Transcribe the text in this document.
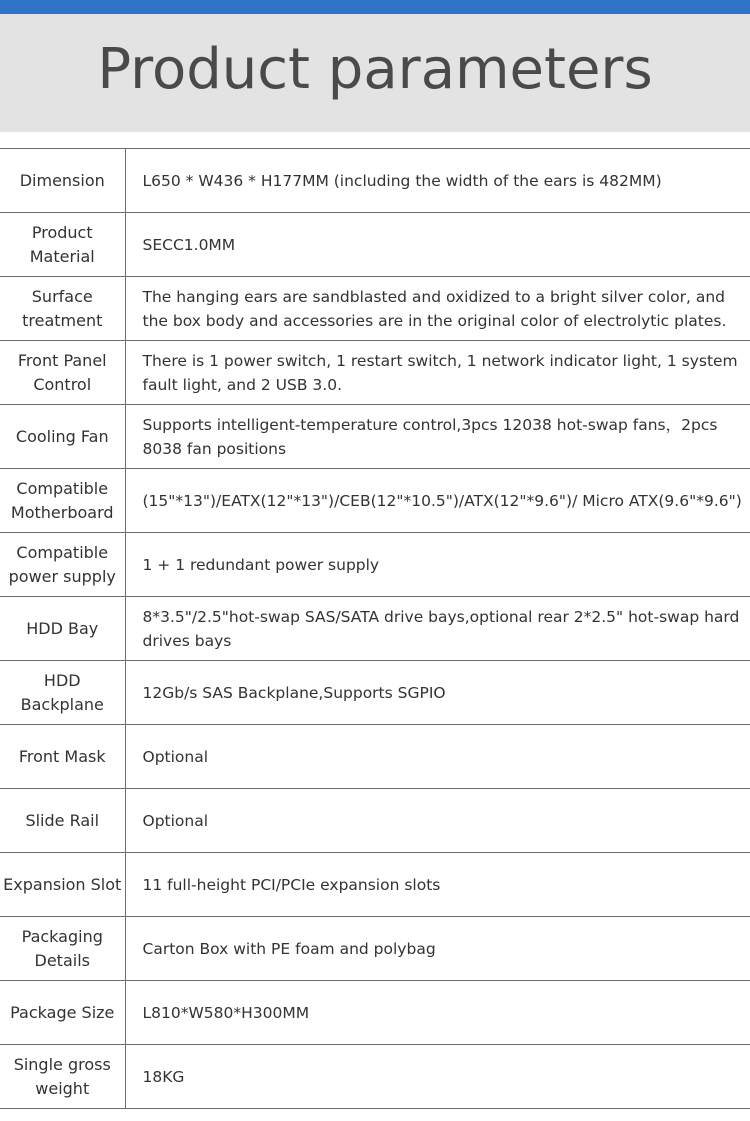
Product parameters
Dimension	L650 * W436 * H177MM (including the width of the ears is 482MM)
Product Material	SECC1.0MM
Surface treatment	The hanging ears are sandblasted and oxidized to a bright silver color, and the box body and accessories are in the original color of electrolytic plates.
Front Panel Control	There is 1 power switch, 1 restart switch, 1 network indicator light, 1 system fault light, and 2 USB 3.0.
Cooling Fan	Supports intelligent-temperature control,3pcs 12038 hot-swap fans，2pcs 8038 fan positions
Compatible Motherboard	(15"*13")/EATX(12"*13")/CEB(12"*10.5")/ATX(12"*9.6")/ Micro ATX(9.6"*9.6")
Compatible power supply	1 + 1 redundant power supply
HDD Bay	8*3.5"/2.5"hot-swap SAS/SATA drive bays,optional rear 2*2.5" hot-swap hard drives bays
HDD Backplane	12Gb/s SAS Backplane,Supports SGPIO
Front Mask	Optional
Slide Rail	Optional
Expansion Slot	11 full-height PCI/PCIe expansion slots
Packaging Details	Carton Box with PE foam and polybag
Package Size	L810*W580*H300MM
Single gross weight	18KG
